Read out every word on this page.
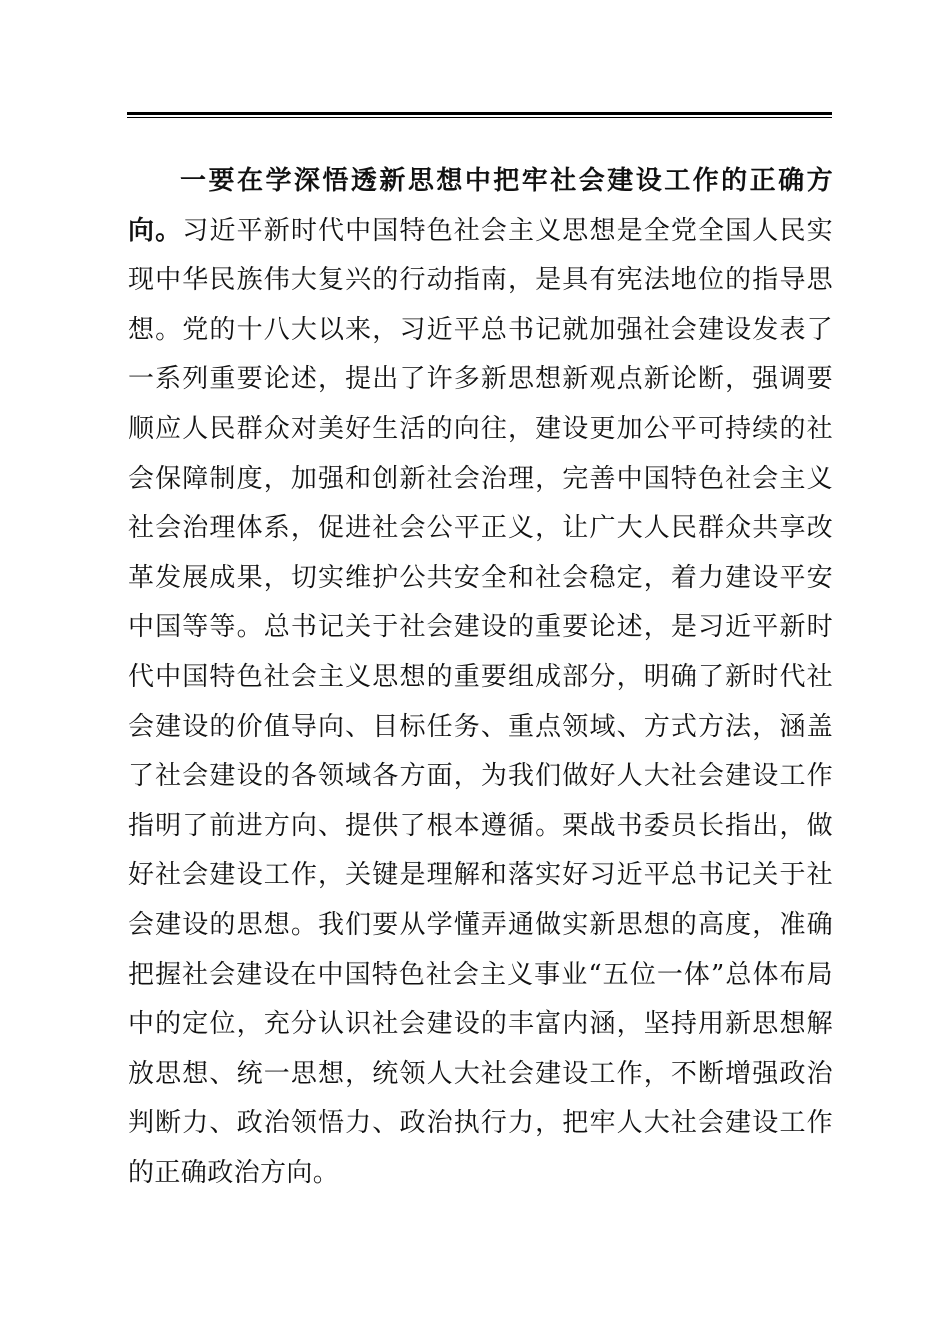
一要在学深悟透新思想中把牢社会建设工作的正确方向。习近平新时代中国特色社会主义思想是全党全国人民实现中华民族伟大复兴的行动指南，是具有宪法地位的指导思想。党的十八大以来，习近平总书记就加强社会建设发表了一系列重要论述，提出了许多新思想新观点新论断，强调要顺应人民群众对美好生活的向往，建设更加公平可持续的社会保障制度，加强和创新社会治理，完善中国特色社会主义社会治理体系，促进社会公平正义，让广大人民群众共享改革发展成果，切实维护公共安全和社会稳定，着力建设平安中国等等。总书记关于社会建设的重要论述，是习近平新时代中国特色社会主义思想的重要组成部分，明确了新时代社会建设的价值导向、目标任务、重点领域、方式方法，涵盖了社会建设的各领域各方面，为我们做好人大社会建设工作指明了前进方向、提供了根本遵循。栗战书委员长指出，做好社会建设工作，关键是理解和落实好习近平总书记关于社会建设的思想。我们要从学懂弄通做实新思想的高度，准确把握社会建设在中国特色社会主义事业“五位一体”总体布局中的定位，充分认识社会建设的丰富内涵，坚持用新思想解放思想、统一思想，统领人大社会建设工作，不断增强政治判断力、政治领悟力、政治执行力，把牢人大社会建设工作的正确政治方向。
